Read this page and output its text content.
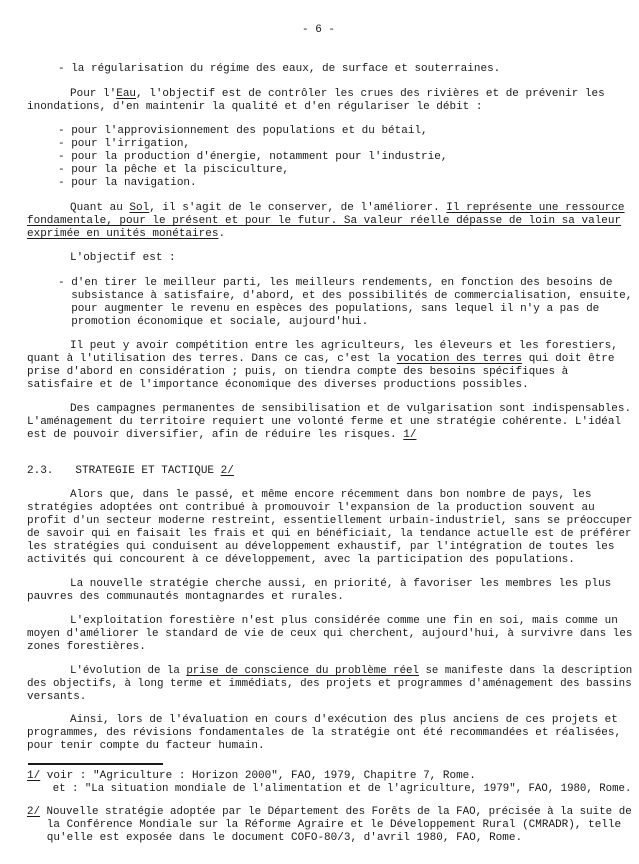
- 6 -
- la régularisation du régime des eaux, de surface et souterraines.
Pour l'Eau, l'objectif est de contrôler les crues des rivières et de prévenir les
inondations, d'en maintenir la qualité et d'en régulariser le débit :
- pour l'approvisionnement des populations et du bétail,
- pour l'irrigation,
- pour la production d'énergie, notamment pour l'industrie,
- pour la pêche et la pisciculture,
- pour la navigation.
Quant au Sol, il s'agit de le conserver, de l'améliorer. Il représente une ressource
fondamentale, pour le présent et pour le futur. Sa valeur réelle dépasse de loin sa valeur
exprimée en unités monétaires.
L'objectif est :
- d'en tirer le meilleur parti, les meilleurs rendements, en fonction des besoins de
subsistance à satisfaire, d'abord, et des possibilités de commercialisation, ensuite,
pour augmenter le revenu en espèces des populations, sans lequel il n'y a pas de
promotion économique et sociale, aujourd'hui.
Il peut y avoir compétition entre les agriculteurs, les éleveurs et les forestiers,
quant à l'utilisation des terres. Dans ce cas, c'est la vocation des terres qui doit être
prise d'abord en considération ; puis, on tiendra compte des besoins spécifiques à
satisfaire et de l'importance économique des diverses productions possibles.
Des campagnes permanentes de sensibilisation et de vulgarisation sont indispensables.
L'aménagement du territoire requiert une volonté ferme et une stratégie cohérente. L'idéal
est de pouvoir diversifier, afin de réduire les risques. 1/
2.3. STRATEGIE ET TACTIQUE 2/
Alors que, dans le passé, et même encore récemment dans bon nombre de pays, les
stratégies adoptées ont contribué à promouvoir l'expansion de la production souvent au
profit d'un secteur moderne restreint, essentiellement urbain-industriel, sans se préoccuper
de savoir qui en faisait les frais et qui en bénéficiait, la tendance actuelle est de préférer
les stratégies qui conduisent au développement exhaustif, par l'intégration de toutes les
activités qui concourent à ce développement, avec la participation des populations.
La nouvelle stratégie cherche aussi, en priorité, à favoriser les membres les plus
pauvres des communautés montagnardes et rurales.
L'exploitation forestière n'est plus considérée comme une fin en soi, mais comme un
moyen d'améliorer le standard de vie de ceux qui cherchent, aujourd'hui, à survivre dans les
zones forestières.
L'évolution de la prise de conscience du problème réel se manifeste dans la description
des objectifs, à long terme et immédiats, des projets et programmes d'aménagement des bassins
versants.
Ainsi, lors de l'évaluation en cours d'exécution des plus anciens de ces projets et
programmes, des révisions fondamentales de la stratégie ont été recommandées et réalisées,
pour tenir compte du facteur humain.
1/ voir : "Agriculture : Horizon 2000", FAO, 1979, Chapitre 7, Rome.
et : "La situation mondiale de l'alimentation et de l'agriculture, 1979", FAO, 1980, Rome.
2/ Nouvelle stratégie adoptée par le Département des Forêts de la FAO, précisée à la suite de
la Conférence Mondiale sur la Réforme Agraire et le Développement Rural (CMRADR), telle
qu'elle est exposée dans le document COFO-80/3, d'avril 1980, FAO, Rome.
